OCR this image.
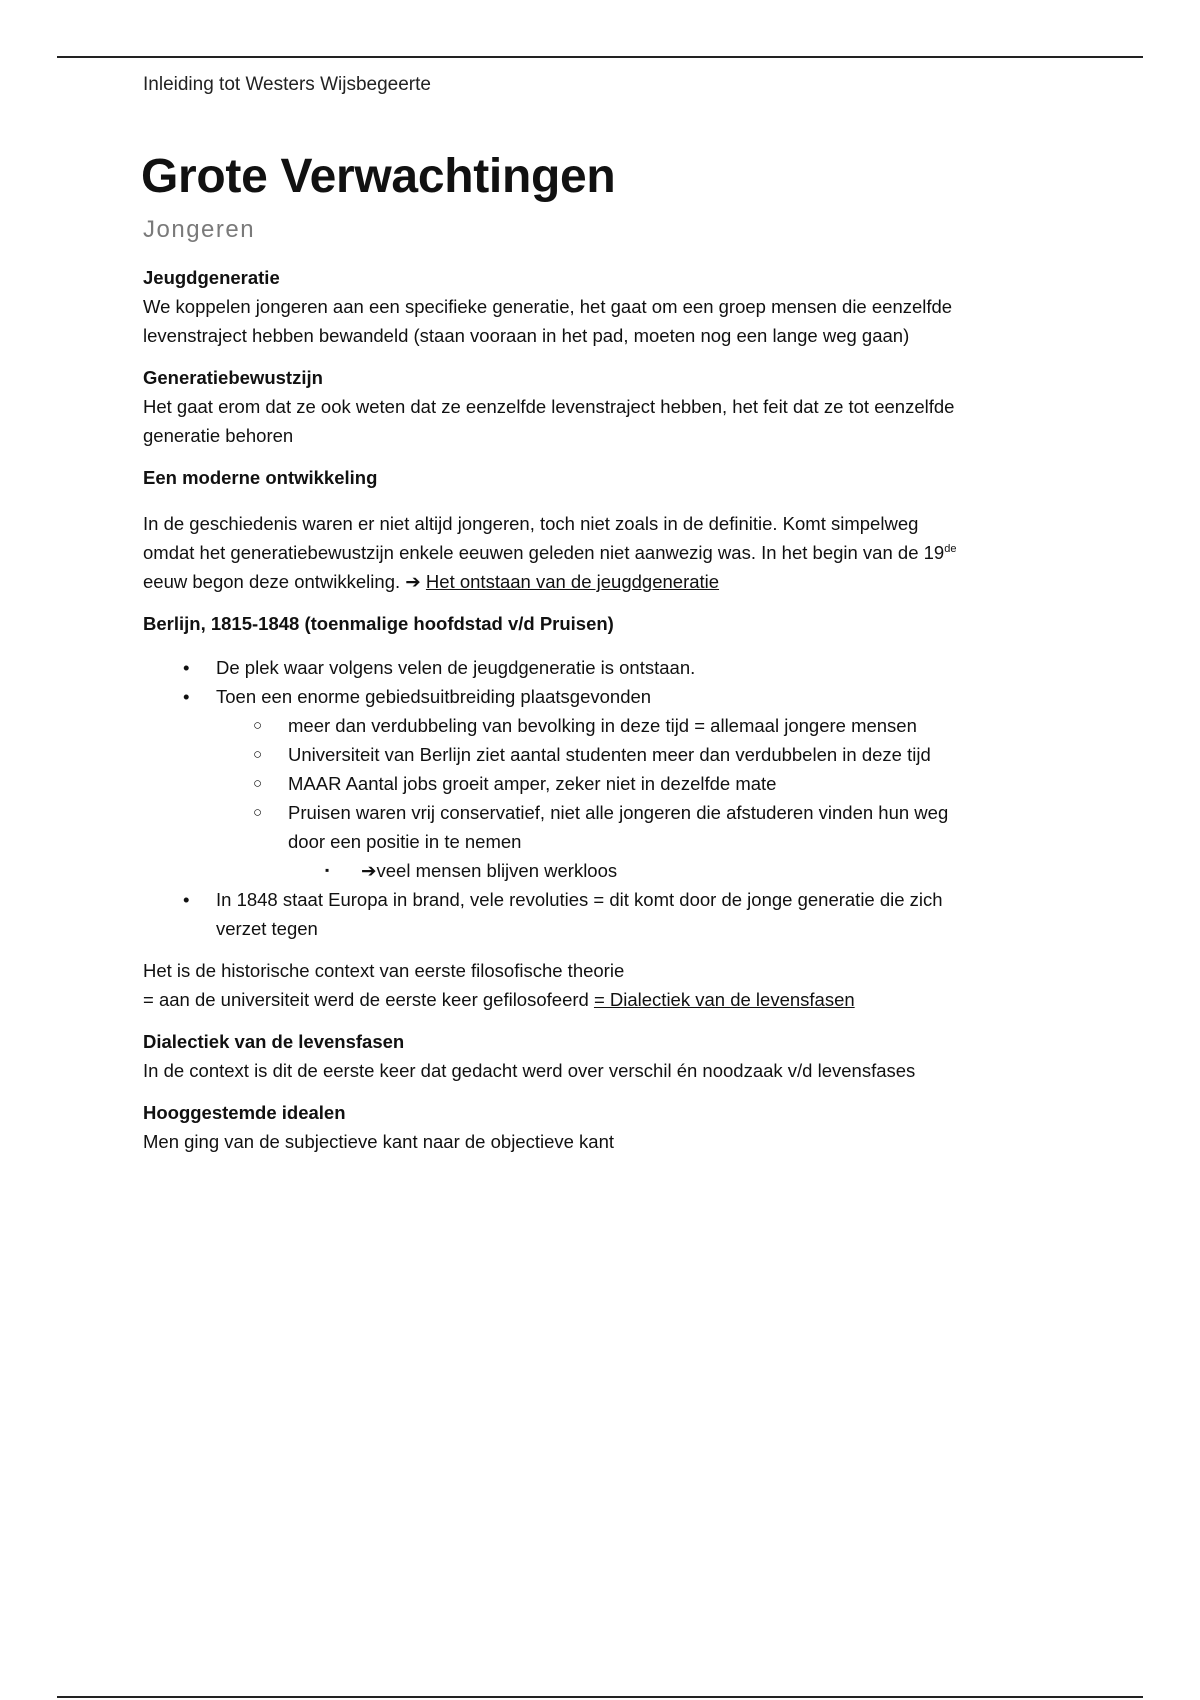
Inleiding tot Westers Wijsbegeerte

Grote Verwachtingen

Jongeren

Jeugdgeneratie

We koppelen jongeren aan een specifieke generatie, het gaat om een groep mensen die eenzelfde

levenstraject hebben bewandeld (staan vooraan in het pad, moeten nog een lange weg gaan)

Generatiebewustzijn

Het gaat erom dat ze ook weten dat ze eenzelfde levenstraject hebben, het feit dat ze tot eenzelfde

generatie behoren

Een moderne ontwikkeling

In de geschiedenis waren er niet altijd jongeren, toch niet zoals in de definitie. Komt simpelweg

omdat het generatiebewustzijn enkele eeuwen geleden niet aanwezig was. In het begin van de 19de

eeuw begon deze ontwikkeling. ➔ Het ontstaan van de jeugdgeneratie

Berlijn, 1815-1848 (toenmalige hoofdstad v/d Pruisen)

• De plek waar volgens velen de jeugdgeneratie is ontstaan.
• Toen een enorme gebiedsuitbreiding plaatsgevonden
○ meer dan verdubbeling van bevolking in deze tijd = allemaal jongere mensen
○ Universiteit van Berlijn ziet aantal studenten meer dan verdubbelen in deze tijd
○ MAAR Aantal jobs groeit amper, zeker niet in dezelfde mate
○ Pruisen waren vrij conservatief, niet alle jongeren die afstuderen vinden hun weg
door een positie in te nemen
▪ ➔veel mensen blijven werkloos
• In 1848 staat Europa in brand, vele revoluties = dit komt door de jonge generatie die zich
verzet tegen

Het is de historische context van eerste filosofische theorie

= aan de universiteit werd de eerste keer gefilosofeerd = Dialectiek van de levensfasen

Dialectiek van de levensfasen

In de context is dit de eerste keer dat gedacht werd over verschil én noodzaak v/d levensfases

Hooggestemde idealen

Men ging van de subjectieve kant naar de objectieve kant
